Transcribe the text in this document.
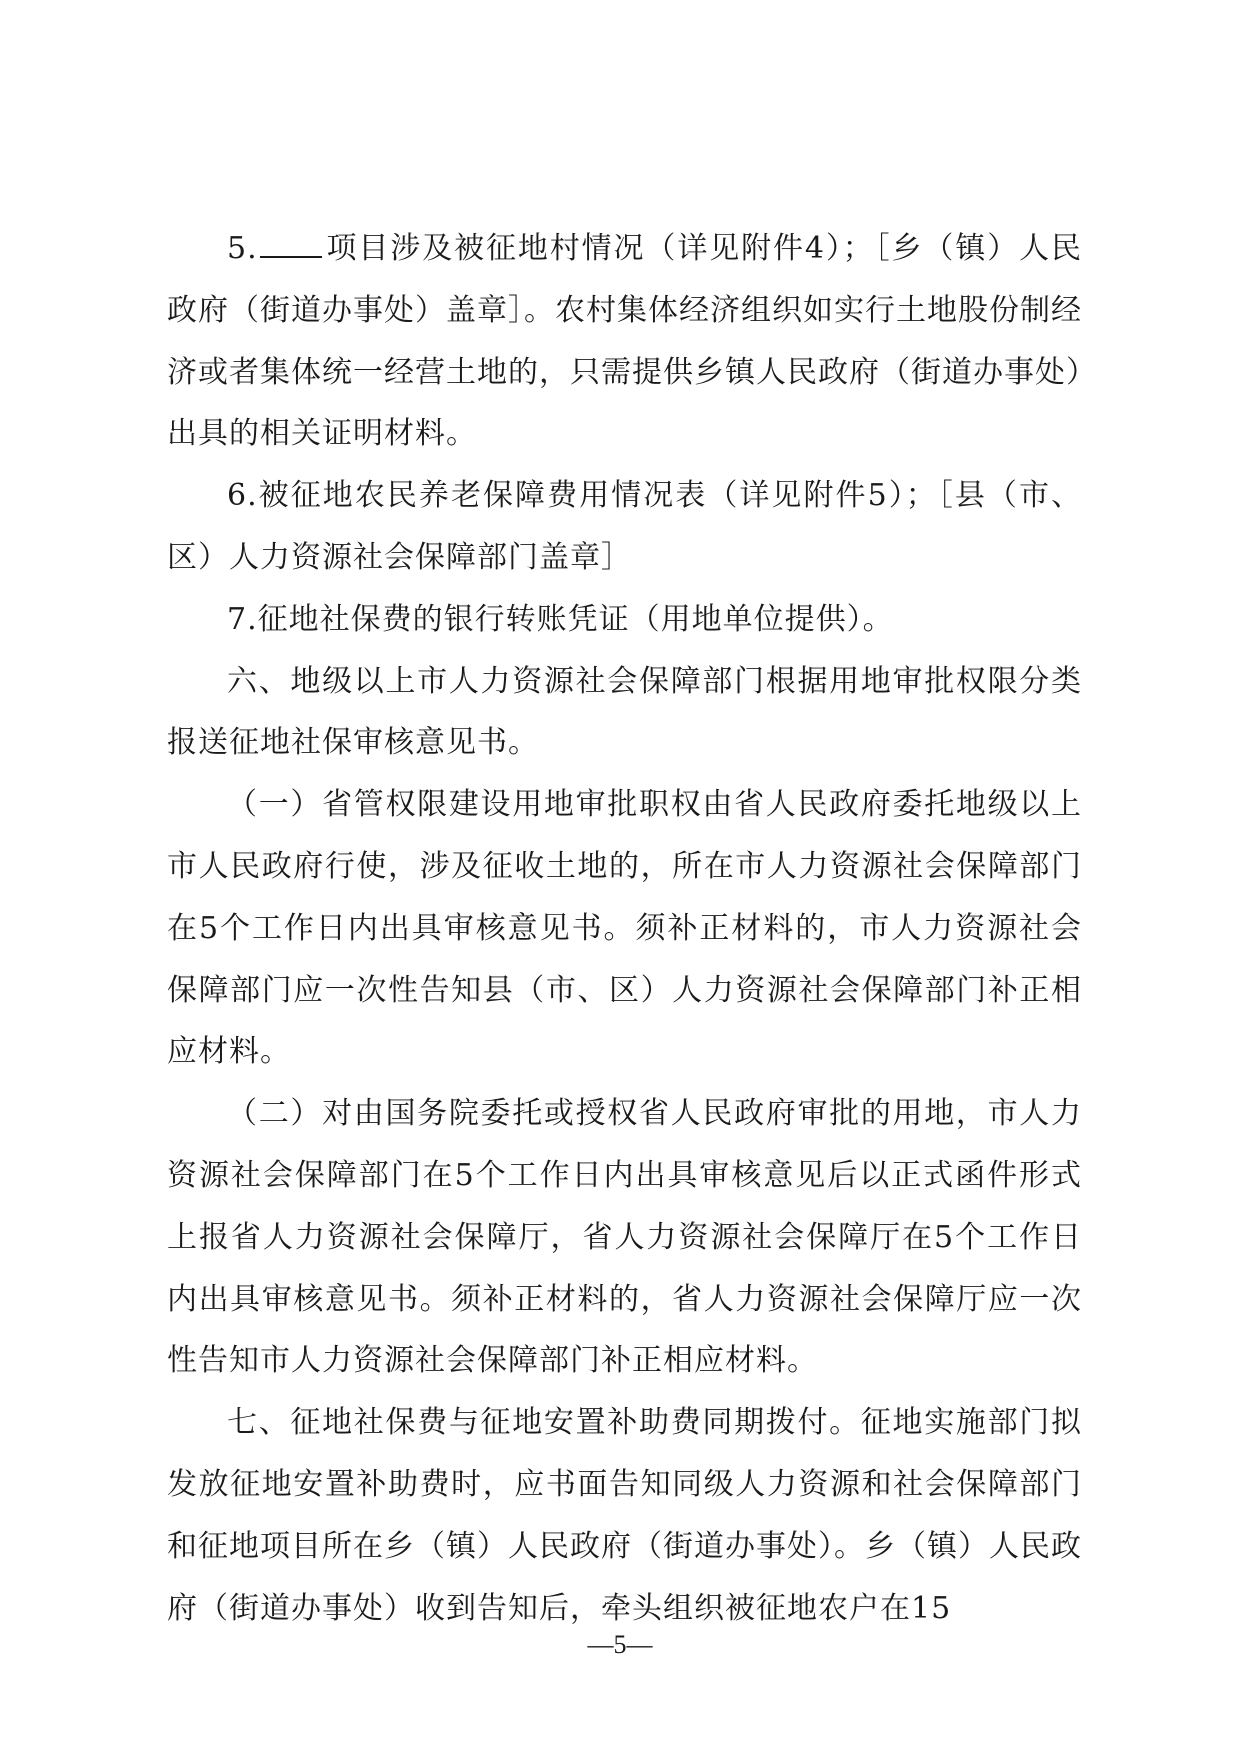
5. 项目涉及被征地村情况（详见附件4）；［乡（镇）人民政府（街道办事处）盖章］。农村集体经济组织如实行土地股份制经济或者集体统一经营土地的，只需提供乡镇人民政府（街道办事处）出具的相关证明材料。

6.被征地农民养老保障费用情况表（详见附件5）；［县（市、区）人力资源社会保障部门盖章］

7.征地社保费的银行转账凭证（用地单位提供）。

六、地级以上市人力资源社会保障部门根据用地审批权限分类报送征地社保审核意见书。

（一）省管权限建设用地审批职权由省人民政府委托地级以上市人民政府行使，涉及征收土地的，所在市人力资源社会保障部门在5个工作日内出具审核意见书。须补正材料的，市人力资源社会保障部门应一次性告知县（市、区）人力资源社会保障部门补正相应材料。

（二）对由国务院委托或授权省人民政府审批的用地，市人力资源社会保障部门在5个工作日内出具审核意见后以正式函件形式上报省人力资源社会保障厅，省人力资源社会保障厅在5个工作日内出具审核意见书。须补正材料的，省人力资源社会保障厅应一次性告知市人力资源社会保障部门补正相应材料。

七、征地社保费与征地安置补助费同期拨付。征地实施部门拟发放征地安置补助费时，应书面告知同级人力资源和社会保障部门和征地项目所在乡（镇）人民政府（街道办事处）。乡（镇）人民政府（街道办事处）收到告知后，牵头组织被征地农户在15

—5—
